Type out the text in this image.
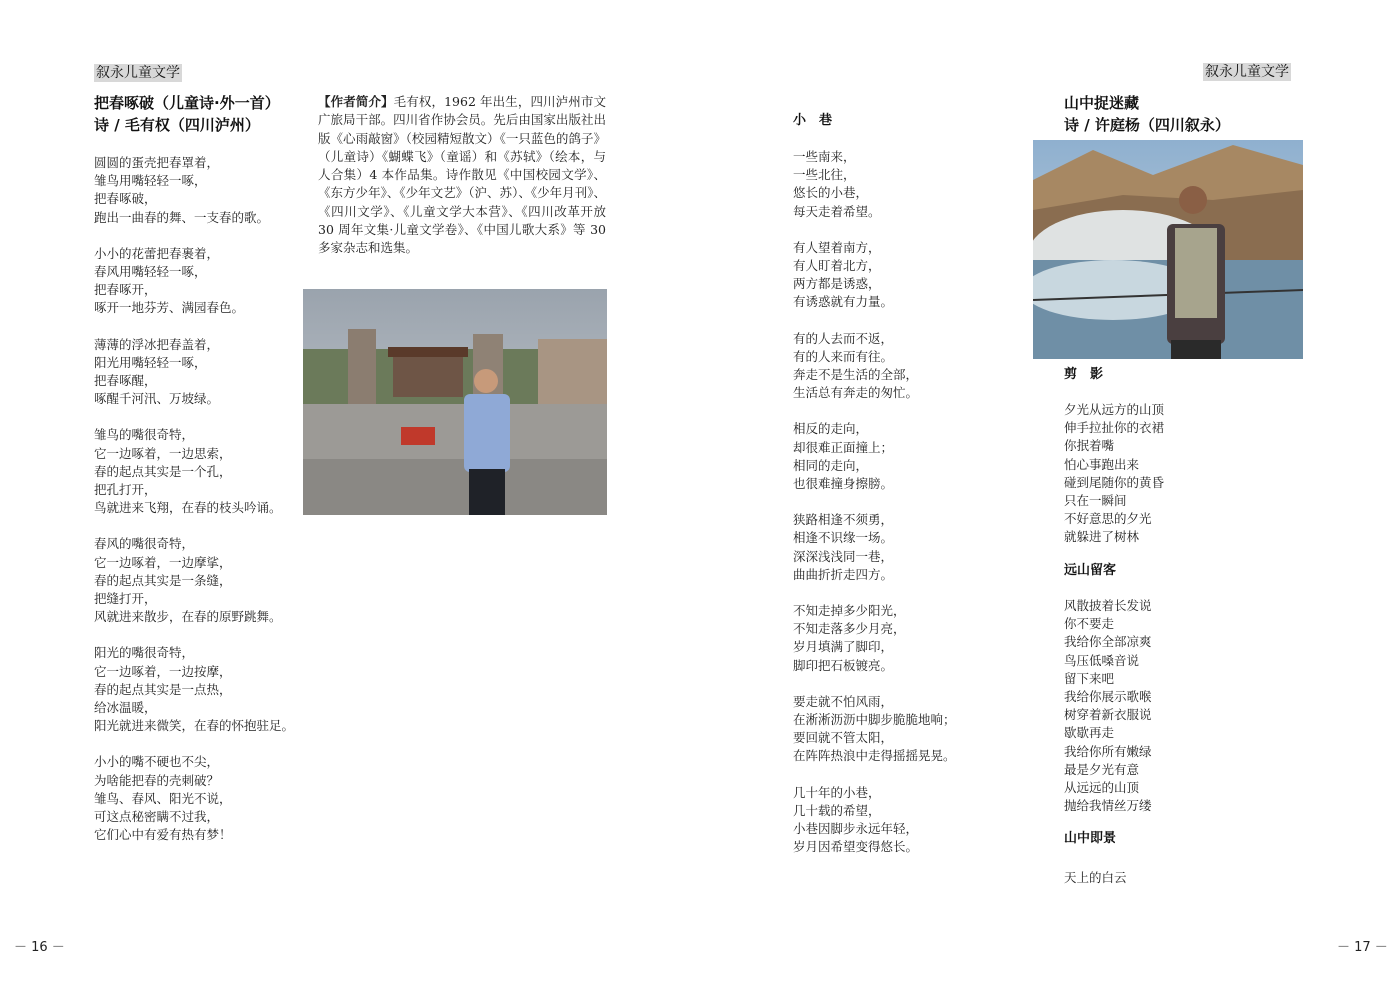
叙永儿童文学
把春啄破（儿童诗·外一首）
诗 / 毛有权（四川泸州）
圆圆的蛋壳把春罩着，
雏鸟用嘴轻轻一啄，
把春啄破，
跑出一曲春的舞、一支春的歌。
小小的花蕾把春裹着，
春风用嘴轻轻一啄，
把春啄开，
啄开一地芬芳、满园春色。
薄薄的浮冰把春盖着，
阳光用嘴轻轻一啄，
把春啄醒，
啄醒千河汛、万坡绿。
雏鸟的嘴很奇特，
它一边啄着，一边思索，
春的起点其实是一个孔，
把孔打开，
鸟就进来飞翔，在春的枝头吟诵。
春风的嘴很奇特，
它一边啄着，一边摩挲，
春的起点其实是一条缝，
把缝打开，
风就进来散步，在春的原野跳舞。
阳光的嘴很奇特，
它一边啄着，一边按摩，
春的起点其实是一点热，
给冰温暖，
阳光就进来微笑，在春的怀抱驻足。
小小的嘴不硬也不尖，
为啥能把春的壳刺破？
雏鸟、春风、阳光不说，
可这点秘密瞒不过我，
它们心中有爱有热有梦！
【作者简介】毛有权，1962 年出生，四川泸州市文广旅局干部。四川省作协会员。先后由国家出版社出版《心雨敲窗》（校园精短散文）《一只蓝色的鸽子》（儿童诗）《蝴蝶飞》（童谣）和《苏轼》（绘本，与人合集）4 本作品集。诗作散见《中国校园文学》、《东方少年》、《少年文艺》（沪、苏）、《少年月刊》、《四川文学》、《儿童文学大本营》、《四川改革开放 30 周年文集·儿童文学卷》、《中国儿歌大系》等 30 多家杂志和选集。
－ 16 －
叙永儿童文学
小　巷
一些南来，
一些北往，
悠长的小巷，
每天走着希望。
有人望着南方，
有人盯着北方，
两方都是诱惑，
有诱惑就有力量。
有的人去而不返，
有的人来而有往。
奔走不是生活的全部，
生活总有奔走的匆忙。
相反的走向，
却很难正面撞上；
相同的走向，
也很难撞身擦膀。
狭路相逢不须勇，
相逢不识缘一场。
深深浅浅同一巷，
曲曲折折走四方。
不知走掉多少阳光，
不知走落多少月亮，
岁月填满了脚印，
脚印把石板镀亮。
要走就不怕风雨，
在淅淅沥沥中脚步脆脆地响；
要回就不管太阳，
在阵阵热浪中走得摇摇晃晃。
几十年的小巷，
几十载的希望，
小巷因脚步永远年轻，
岁月因希望变得悠长。
山中捉迷藏
诗 / 许庭杨（四川叙永）
剪　影
夕光从远方的山顶
伸手拉扯你的衣裙
你抿着嘴
怕心事跑出来
碰到尾随你的黄昏
只在一瞬间
不好意思的夕光
就躲进了树林
远山留客
风散披着长发说
你不要走
我给你全部凉爽
鸟压低嗓音说
留下来吧
我给你展示歌喉
树穿着新衣服说
歇歇再走
我给你所有嫩绿
最是夕光有意
从远远的山顶
抛给我情丝万缕
山中即景
天上的白云
－ 17 －
